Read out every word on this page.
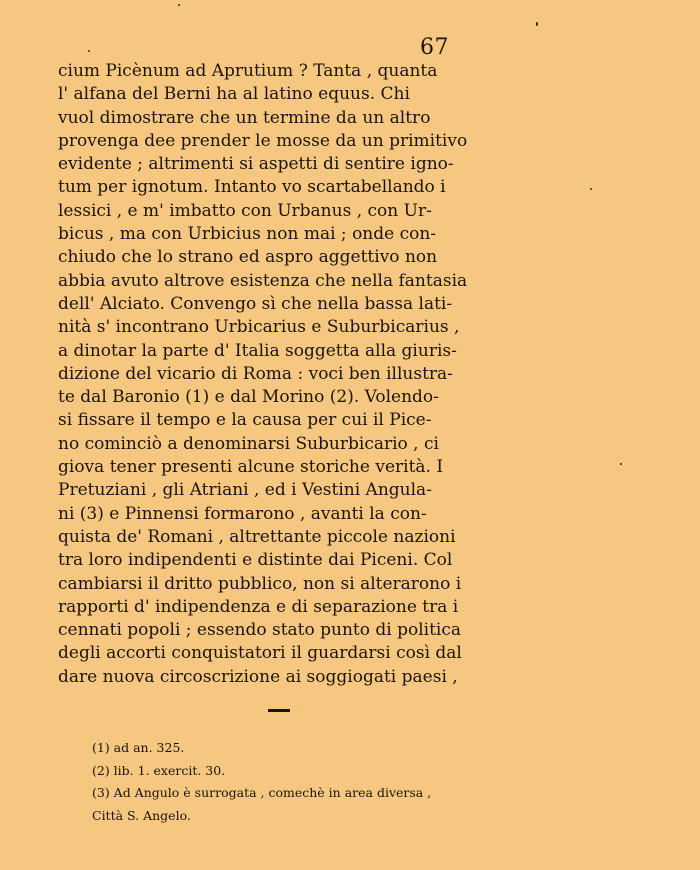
67
cium Picènum ad Aprutium ? Tanta , quanta
l' alfana del Berni ha al latino equus. Chi
vuol dimostrare che un termine da un altro
provenga dee prender le mosse da un primitivo
evidente ; altrimenti si aspetti di sentire igno-
tum per ignotum. Intanto vo scartabellando i
lessici , e m' imbatto con Urbanus , con Ur-
bicus , ma con Urbicius non mai ; onde con-
chiudo che lo strano ed aspro aggettivo non
abbia avuto altrove esistenza che nella fantasia
dell' Alciato. Convengo sì che nella bassa lati-
nità s' incontrano Urbicarius e Suburbicarius ,
a dinotar la parte d' Italia soggetta alla giuris-
dizione del vicario di Roma : voci ben illustra-
te dal Baronio (1) e dal Morino (2). Volendo-
si fissare il tempo e la causa per cui il Pice-
no cominciò a denominarsi Suburbicario , ci
giova tener presenti alcune storiche verità. I
Pretuziani , gli Atriani , ed i Vestini Angula-
ni (3) e Pinnensi formarono , avanti la con-
quista de' Romani , altrettante piccole nazioni
tra loro indipendenti e distinte dai Piceni. Col
cambiarsi il dritto pubblico, non si alterarono i
rapporti d' indipendenza e di separazione tra i
cennati popoli ; essendo stato punto di politica
degli accorti conquistatori il guardarsi così dal
dare nuova circoscrizione ai soggiogati paesi ,
(1) ad an. 325.
(2) lib. 1. exercit. 30.
(3) Ad Angulo è surrogata , comechè in area diversa ,
Città S. Angelo.
